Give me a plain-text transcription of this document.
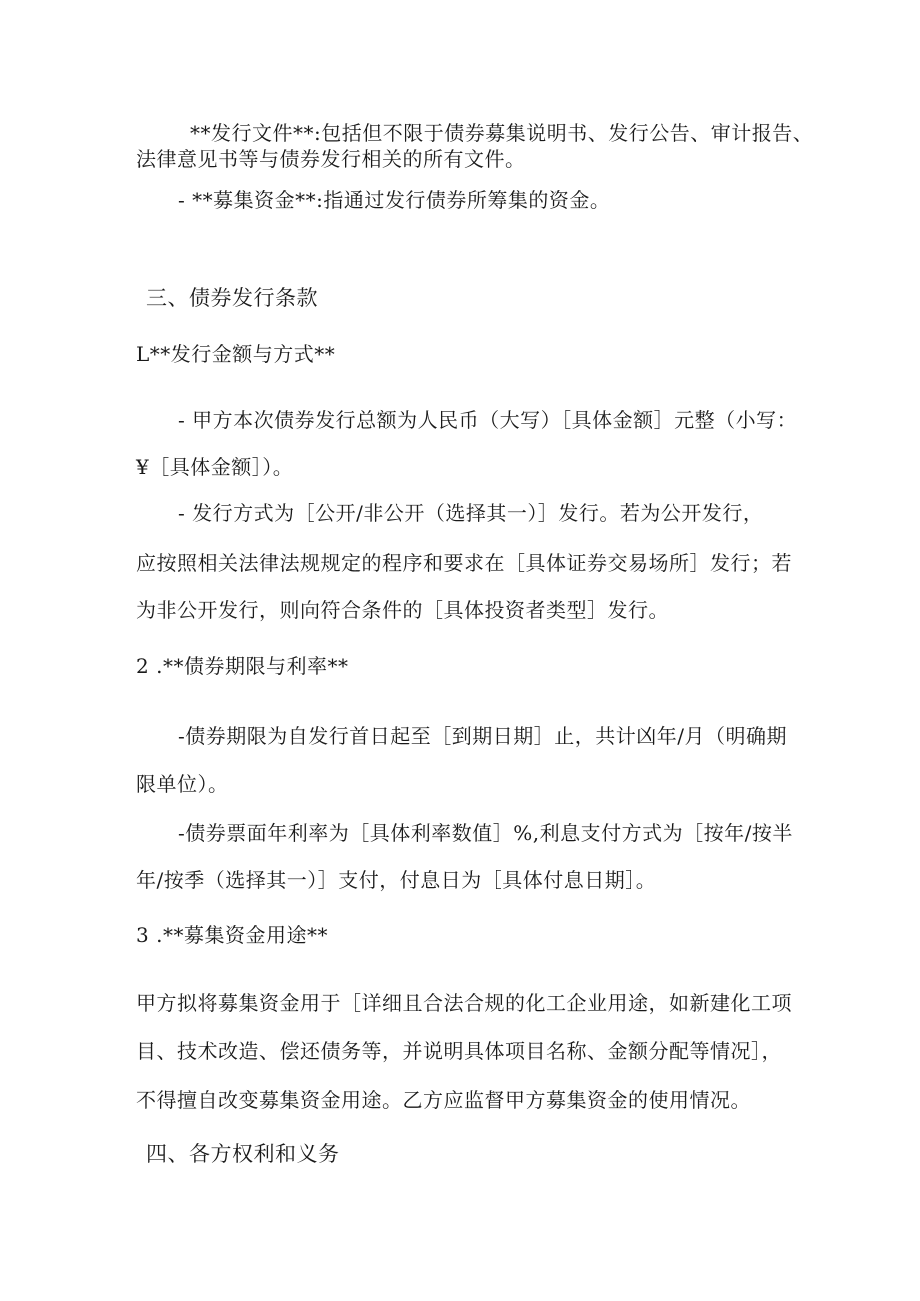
**发行文件**:包括但不限于债券募集说明书、发行公告、审计报告、
法律意见书等与债券发行相关的所有文件。
- **募集资金**:指通过发行债券所筹集的资金。
三、债券发行条款
L**发行金额与方式**
- 甲方本次债券发行总额为人民币（大写）［具体金额］元整（小写：
¥［具体金额］）。
- 发行方式为［公开/非公开（选择其一）］发行。若为公开发行，
应按照相关法律法规规定的程序和要求在［具体证券交易场所］发行；若
为非公开发行，则向符合条件的［具体投资者类型］发行。
2 .**债券期限与利率**
-债券期限为自发行首日起至［到期日期］止，共计凶年/月（明确期
限单位）。
-债券票面年利率为［具体利率数值］%,利息支付方式为［按年/按半
年/按季（选择其一）］支付，付息日为［具体付息日期］。
3 .**募集资金用途**
甲方拟将募集资金用于［详细且合法合规的化工企业用途，如新建化工项
目、技术改造、偿还债务等，并说明具体项目名称、金额分配等情况］，
不得擅自改变募集资金用途。乙方应监督甲方募集资金的使用情况。
四、各方权利和义务
